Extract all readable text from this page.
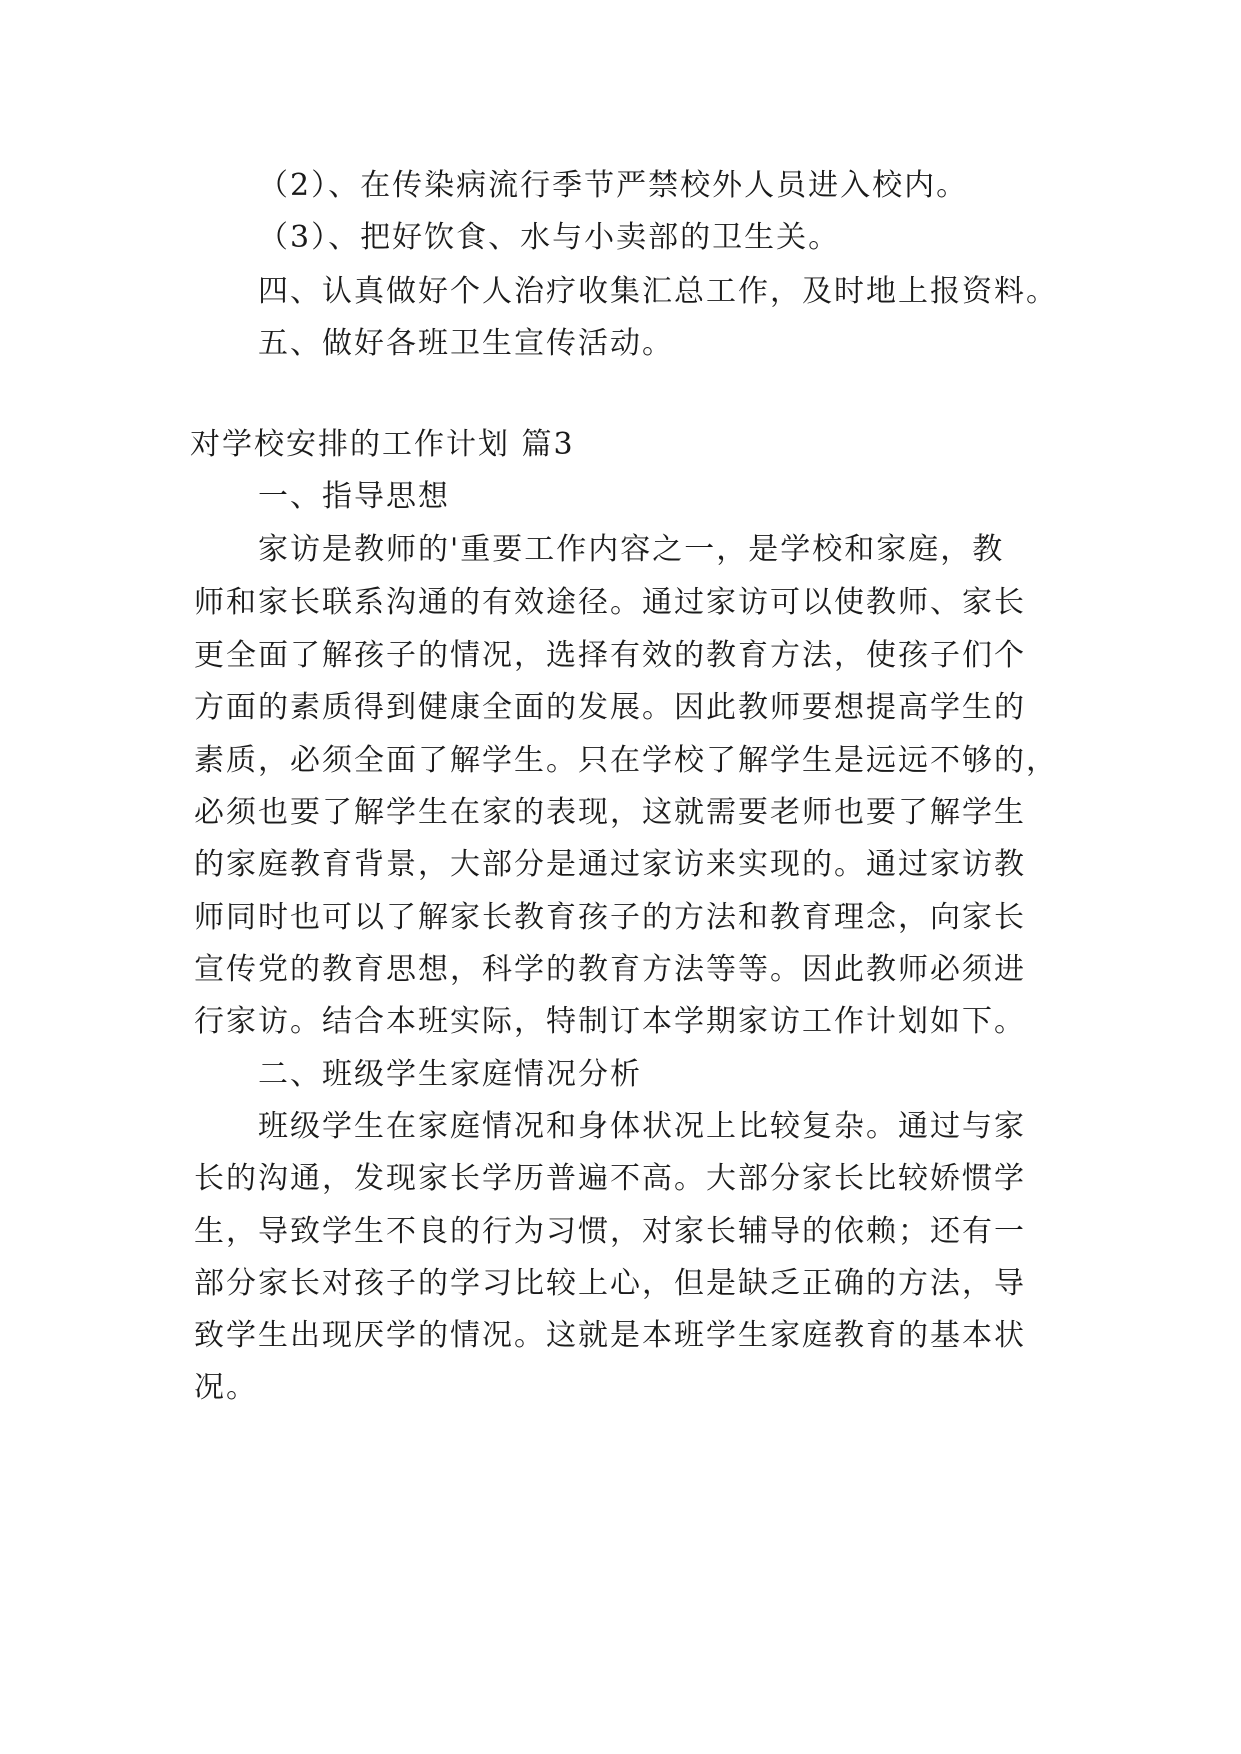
（2）、在传染病流行季节严禁校外人员进入校内。
（3）、把好饮食、水与小卖部的卫生关。
四、认真做好个人治疗收集汇总工作，及时地上报资料。
五、做好各班卫生宣传活动。
对学校安排的工作计划 篇3
一、指导思想
家访是教师的'重要工作内容之一，是学校和家庭，教
师和家长联系沟通的有效途径。通过家访可以使教师、家长
更全面了解孩子的情况，选择有效的教育方法，使孩子们个
方面的素质得到健康全面的发展。因此教师要想提高学生的
素质，必须全面了解学生。只在学校了解学生是远远不够的，
必须也要了解学生在家的表现，这就需要老师也要了解学生
的家庭教育背景，大部分是通过家访来实现的。通过家访教
师同时也可以了解家长教育孩子的方法和教育理念，向家长
宣传党的教育思想，科学的教育方法等等。因此教师必须进
行家访。结合本班实际，特制订本学期家访工作计划如下。
二、班级学生家庭情况分析
班级学生在家庭情况和身体状况上比较复杂。通过与家
长的沟通，发现家长学历普遍不高。大部分家长比较娇惯学
生，导致学生不良的行为习惯，对家长辅导的依赖；还有一
部分家长对孩子的学习比较上心，但是缺乏正确的方法，导
致学生出现厌学的情况。这就是本班学生家庭教育的基本状
况。
